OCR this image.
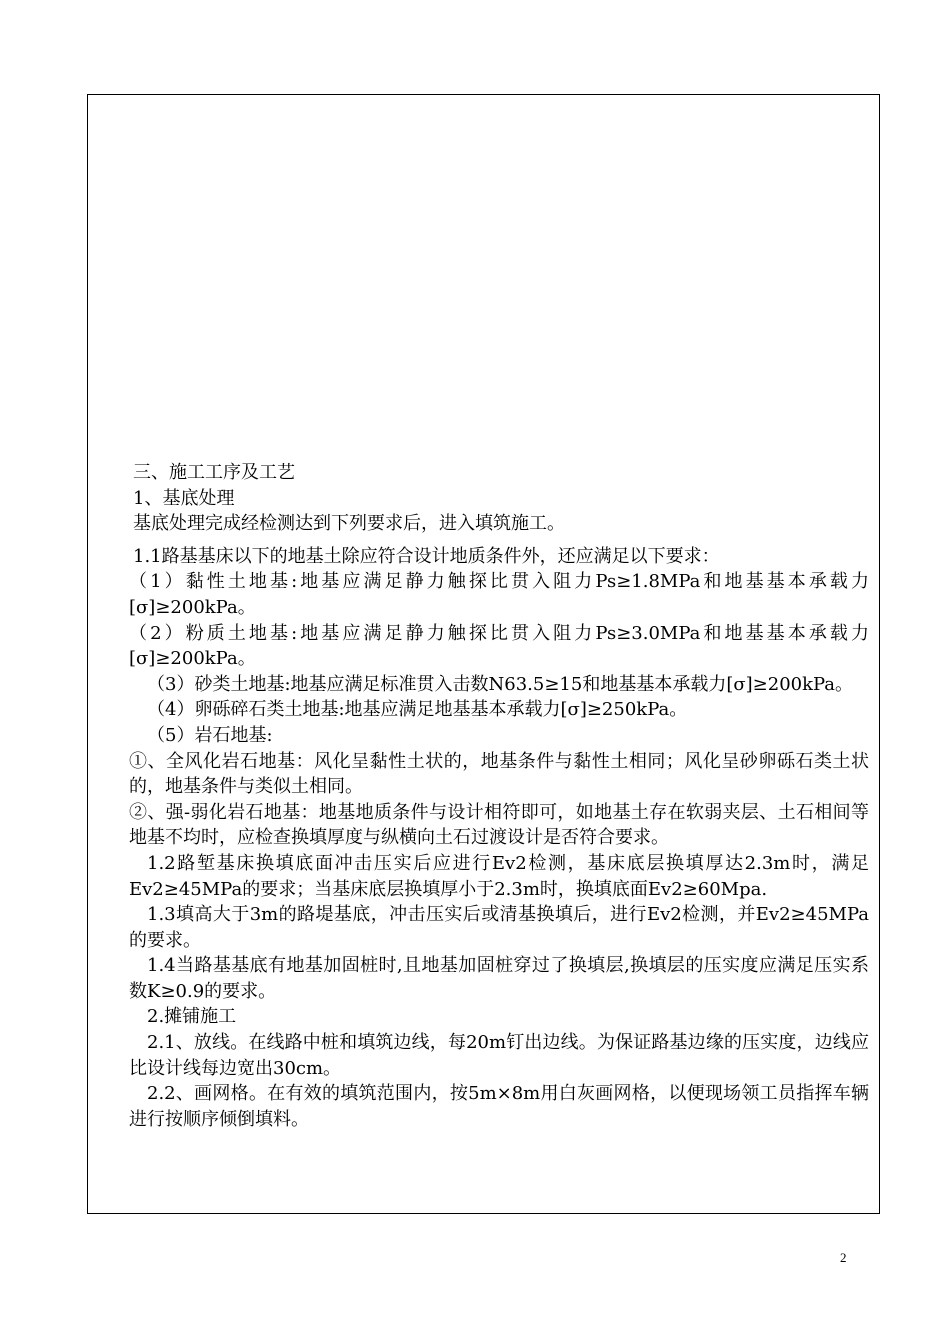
三、施工工序及工艺
1、基底处理
基底处理完成经检测达到下列要求后，进入填筑施工。
1.1路基基床以下的地基土除应符合设计地质条件外，还应满足以下要求：
（1）黏性土地基:地基应满足静力触探比贯入阻力Ps≥1.8MPa和地基基本承载力[σ]≥200kPa。
（2）粉质土地基:地基应满足静力触探比贯入阻力Ps≥3.0MPa和地基基本承载力[σ]≥200kPa。
（3）砂类土地基:地基应满足标准贯入击数N63.5≥15和地基基本承载力[σ]≥200kPa。
（4）卵砾碎石类土地基:地基应满足地基基本承载力[σ]≥250kPa。
（5）岩石地基:
①、全风化岩石地基：风化呈黏性土状的，地基条件与黏性土相同；风化呈砂卵砾石类土状的，地基条件与类似土相同。
②、强-弱化岩石地基：地基地质条件与设计相符即可，如地基土存在软弱夹层、土石相间等地基不均时，应检查换填厚度与纵横向土石过渡设计是否符合要求。
1.2路堑基床换填底面冲击压实后应进行Ev2检测，基床底层换填厚达2.3m时，满足Ev2≥45MPa的要求；当基床底层换填厚小于2.3m时，换填底面Ev2≥60Mpa.
1.3填高大于3m的路堤基底，冲击压实后或清基换填后，进行Ev2检测，并Ev2≥45MPa的要求。
1.4当路基基底有地基加固桩时,且地基加固桩穿过了换填层,换填层的压实度应满足压实系数K≥0.9的要求。
2.摊铺施工
2.1、放线。在线路中桩和填筑边线，每20m钉出边线。为保证路基边缘的压实度，边线应比设计线每边宽出30cm。
2.2、画网格。在有效的填筑范围内，按5m×8m用白灰画网格，以便现场领工员指挥车辆进行按顺序倾倒填料。
2
